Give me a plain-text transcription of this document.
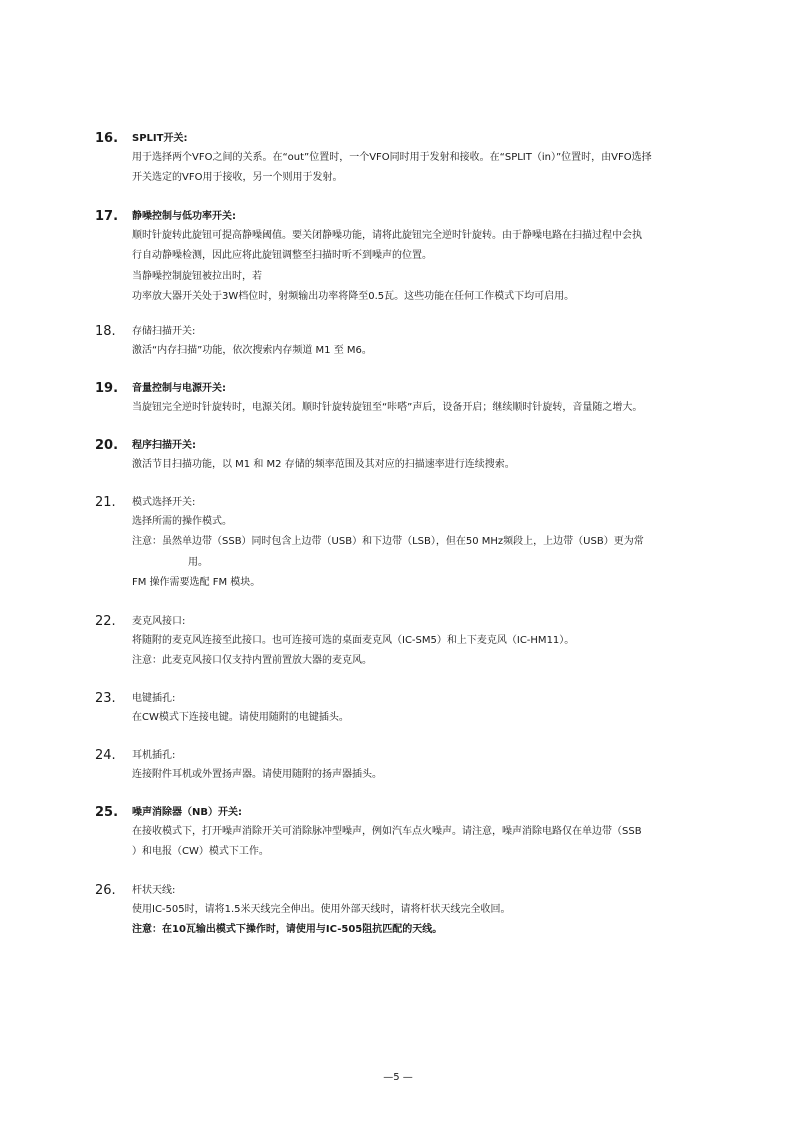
16. SPLIT开关:
用于选择两个VFO之间的关系。在“out”位置时，一个VFO同时用于发射和接收。在“SPLIT（in）”位置时，由VFO选择
开关选定的VFO用于接收，另一个则用于发射。
17. 静噪控制与低功率开关:
顺时针旋转此旋钮可提高静噪阈值。要关闭静噪功能，请将此旋钮完全逆时针旋转。由于静噪电路在扫描过程中会执
行自动静噪检测，因此应将此旋钮调整至扫描时听不到噪声的位置。
当静噪控制旋钮被拉出时，若
功率放大器开关处于3W档位时，射频输出功率将降至0.5瓦。这些功能在任何工作模式下均可启用。
18. 存储扫描开关:
激活“内存扫描”功能，依次搜索内存频道 M1 至 M6。
19. 音量控制与电源开关:
当旋钮完全逆时针旋转时，电源关闭。顺时针旋转旋钮至“咔嗒”声后，设备开启；继续顺时针旋转，音量随之增大。
20. 程序扫描开关:
激活节目扫描功能，以 M1 和 M2 存储的频率范围及其对应的扫描速率进行连续搜索。
21. 模式选择开关:
选择所需的操作模式。
注意：虽然单边带（SSB）同时包含上边带（USB）和下边带（LSB），但在50 MHz频段上，上边带（USB）更为常
用。
FM 操作需要选配 FM 模块。
22. 麦克风接口:
将随附的麦克风连接至此接口。也可连接可选的桌面麦克风（IC-SM5）和上下麦克风（IC-HM11）。
注意：此麦克风接口仅支持内置前置放大器的麦克风。
23. 电键插孔:
在CW模式下连接电键。请使用随附的电键插头。
24. 耳机插孔:
连接附件耳机或外置扬声器。请使用随附的扬声器插头。
25. 噪声消除器（NB）开关:
在接收模式下，打开噪声消除开关可消除脉冲型噪声，例如汽车点火噪声。请注意，噪声消除电路仅在单边带（SSB
）和电报（CW）模式下工作。
26. 杆状天线:
使用IC-505时，请将1.5米天线完全伸出。使用外部天线时，请将杆状天线完全收回。
注意：在10瓦输出模式下操作时，请使用与IC-505阻抗匹配的天线。
—5 —
